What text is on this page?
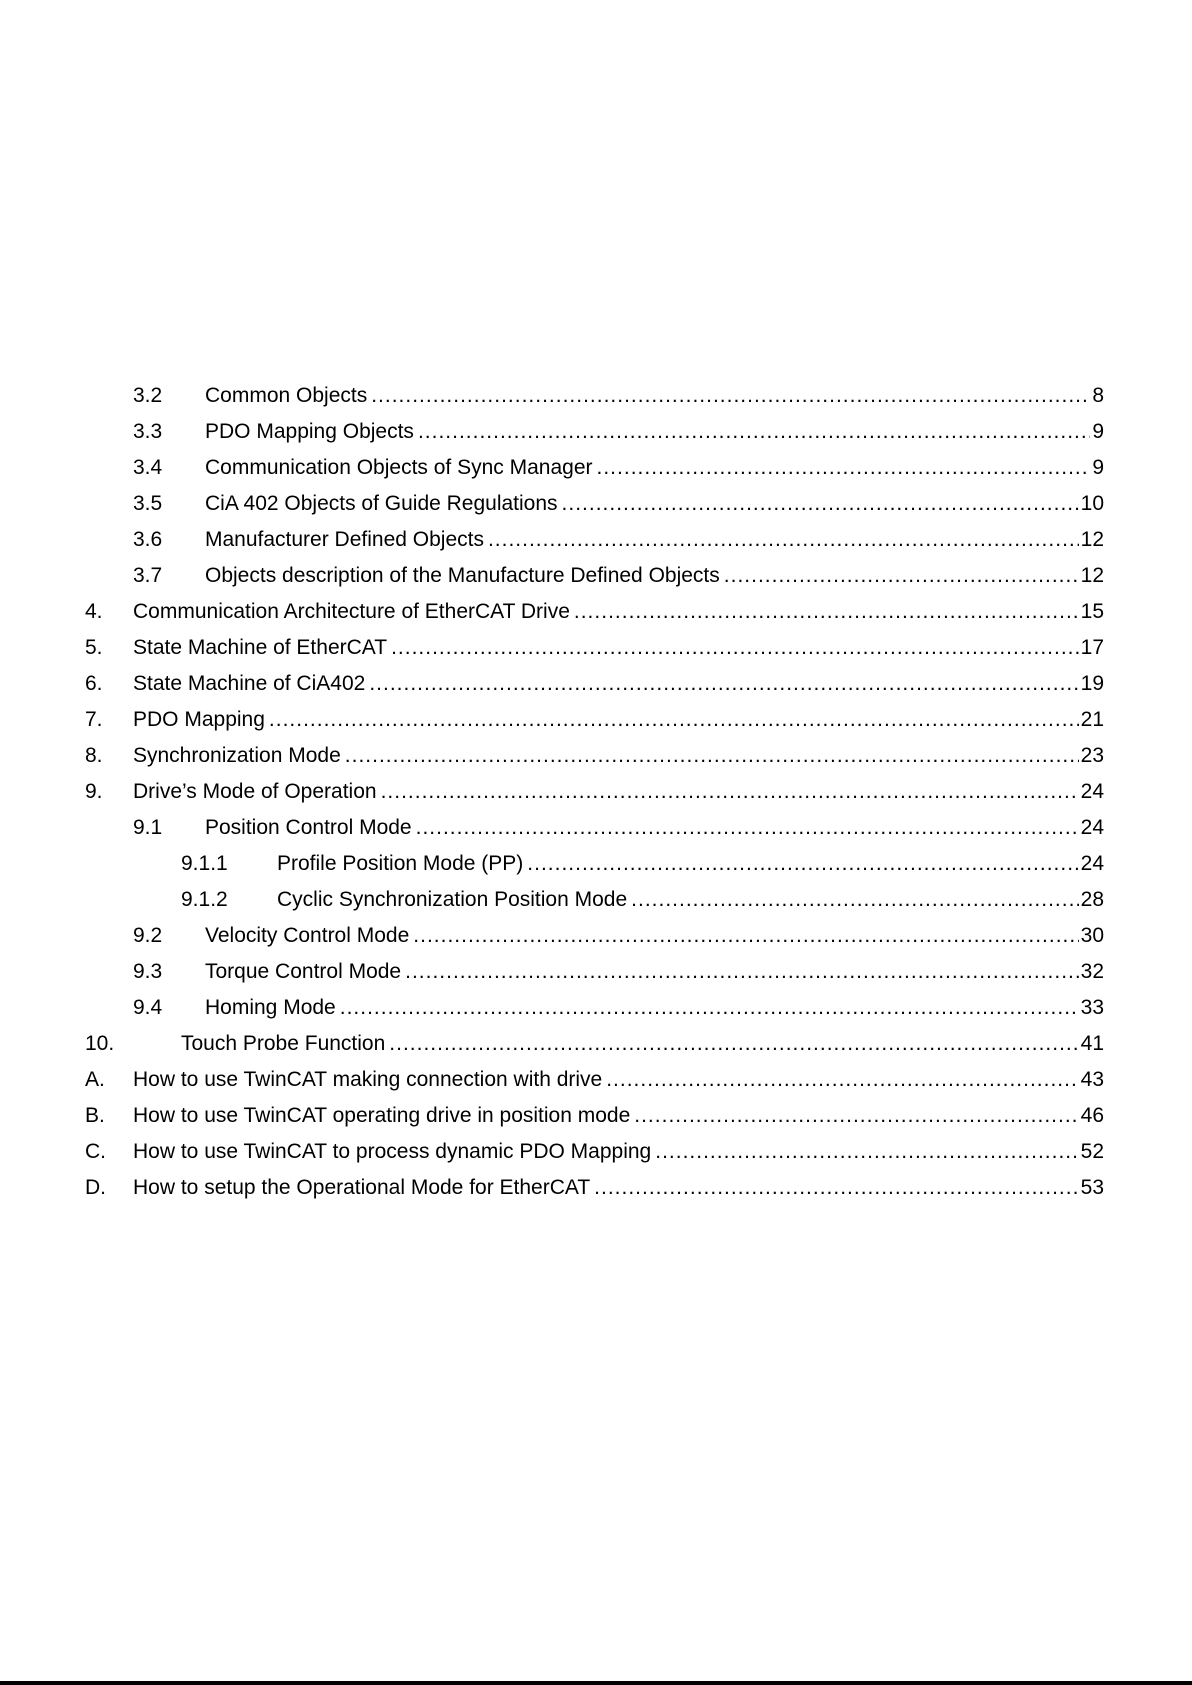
3.2 Common Objects .....	8
3.3 PDO Mapping Objects .....	9
3.4 Communication Objects of Sync Manager .....	9
3.5 CiA 402 Objects of Guide Regulations .....	10
3.6 Manufacturer Defined Objects .....	12
3.7 Objects description of the Manufacture Defined Objects .....	12
4. Communication Architecture of EtherCAT Drive .....	15
5. State Machine of EtherCAT .....	17
6. State Machine of CiA402 .....	19
7. PDO Mapping .....	21
8. Synchronization Mode .....	23
9. Drive’s Mode of Operation .....	24
9.1 Position Control Mode .....	24
9.1.1 Profile Position Mode (PP) .....	24
9.1.2 Cyclic Synchronization Position Mode .....	28
9.2 Velocity Control Mode .....	30
9.3 Torque Control Mode .....	32
9.4 Homing Mode .....	33
10.	Touch Probe Function .....	41
A. How to use TwinCAT making connection with drive .....	43
B. How to use TwinCAT operating drive in position mode .....	46
C. How to use TwinCAT to process dynamic PDO Mapping .....	52
D. How to setup the Operational Mode for EtherCAT .....	53
